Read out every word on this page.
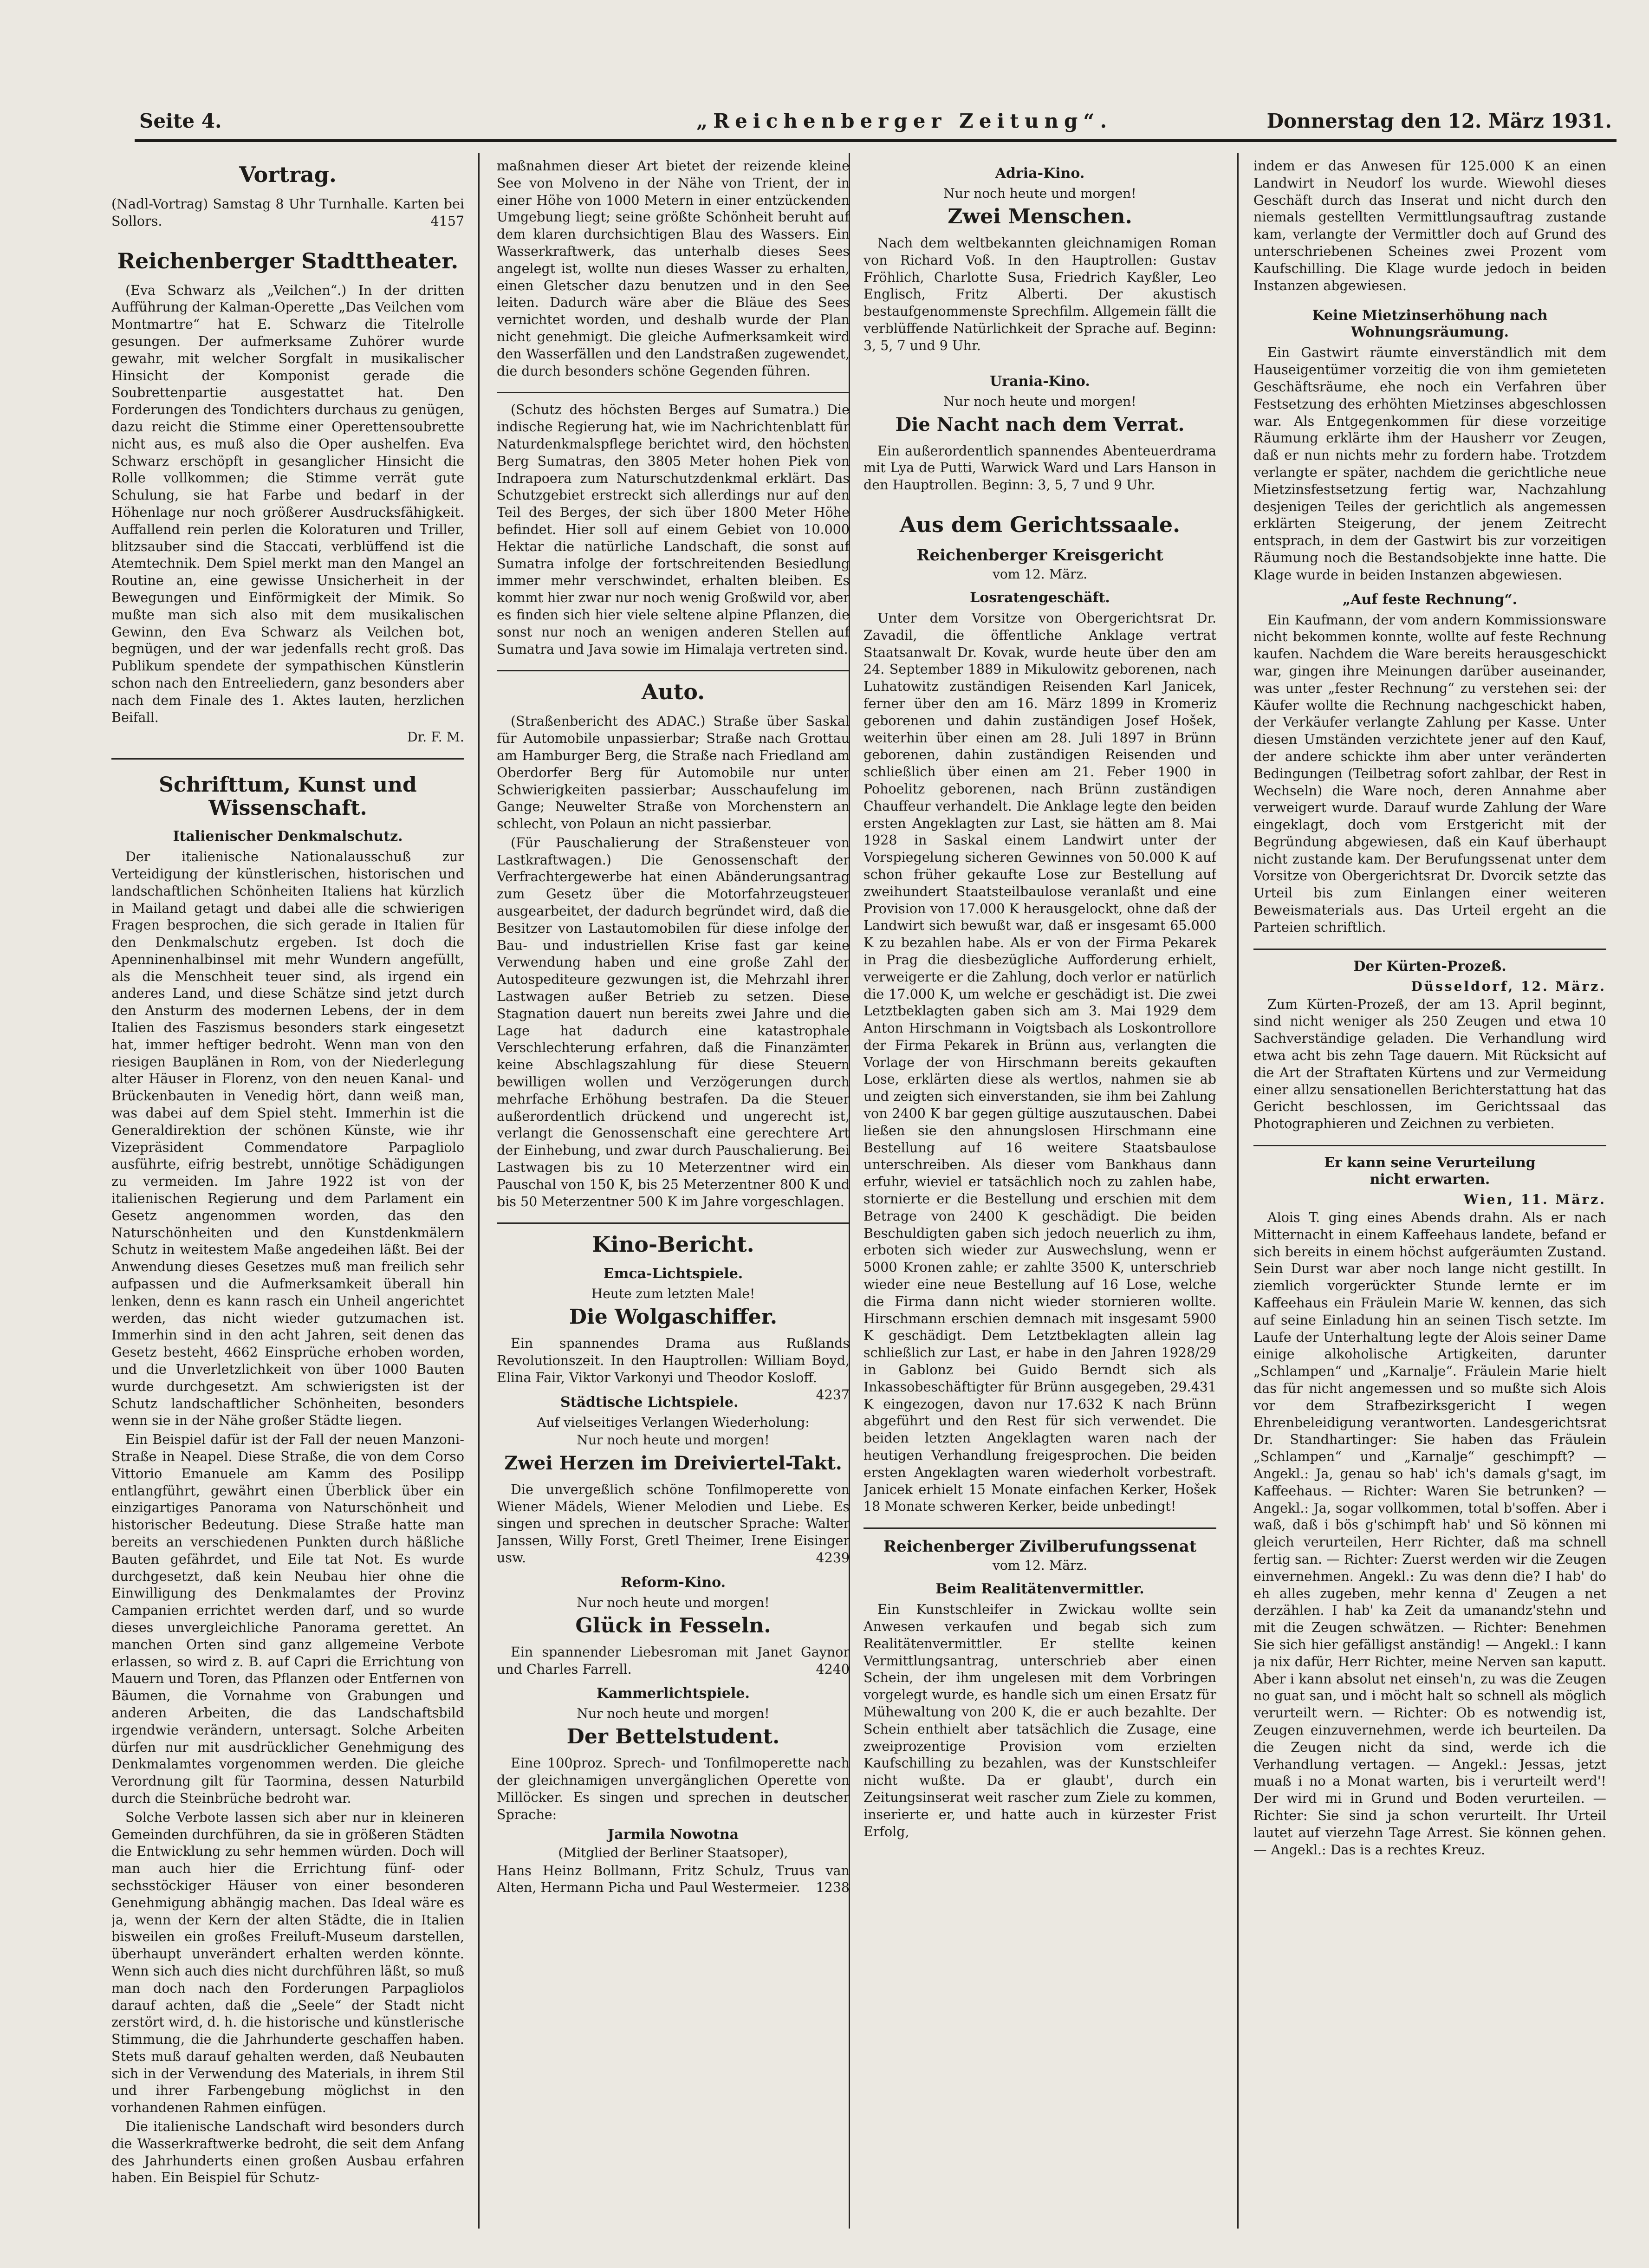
Seite 4.	„Reichenberger Zeitung“.	Donnerstag den 12. März 1931.
Vortrag.

(Nadl-Vortrag) Samstag 8 Uhr Turnhalle. Karten bei Sollors.	4157

Reichenberger Stadttheater.

(Eva Schwarz als „Veilchen“.) In der dritten Aufführung der Kalman-Operette „Das Veilchen vom Montmartre“ hat E. Schwarz die Titelrolle gesungen. Der aufmerksame Zuhörer wurde gewahr, mit welcher Sorgfalt in musikalischer Hinsicht der Komponist gerade die Soubrettenpartie ausgestattet hat. Den Forderungen des Tondichters durchaus zu genügen, dazu reicht die Stimme einer Operettensoubrette nicht aus, es muß also die Oper aushelfen. Eva Schwarz erschöpft in gesanglicher Hinsicht die Rolle vollkommen; die Stimme verrät gute Schulung, sie hat Farbe und bedarf in der Höhenlage nur noch größerer Ausdrucksfähigkeit. Auffallend rein perlen die Koloraturen und Triller, blitzsauber sind die Staccati, verblüffend ist die Atemtechnik. Dem Spiel merkt man den Mangel an Routine an, eine gewisse Unsicherheit in der Bewegungen und Einförmigkeit der Mimik. So mußte man sich also mit dem musikalischen Gewinn, den Eva Schwarz als Veilchen bot, begnügen, und der war jedenfalls recht groß. Das Publikum spendete der sympathischen Künstlerin schon nach den Entreeliedern, ganz besonders aber nach dem Finale des 1. Aktes lauten, herzlichen Beifall.

Dr. F. M.
Schrifttum, Kunst und Wissenschaft.
Italienischer Denkmalschutz.

Der italienische Nationalausschuß zur Verteidigung der künstlerischen, historischen und landschaftlichen Schönheiten Italiens hat kürzlich in Mailand getagt und dabei alle die schwierigen Fragen besprochen, die sich gerade in Italien für den Denkmalschutz ergeben. Ist doch die Apenninenhalbinsel mit mehr Wundern angefüllt, als die Menschheit teuer sind, als irgend ein anderes Land, und diese Schätze sind jetzt durch den Ansturm des modernen Lebens, der in dem Italien des Faszismus besonders stark eingesetzt hat, immer heftiger bedroht. Wenn man von den riesigen Bauplänen in Rom, von der Niederlegung alter Häuser in Florenz, von den neuen Kanal- und Brückenbauten in Venedig hört, dann weiß man, was dabei auf dem Spiel steht. Immerhin ist die Generaldirektion der schönen Künste, wie ihr Vizepräsident Commendatore Parpagliolo ausführte, eifrig bestrebt, unnötige Schädigungen zu vermeiden. Im Jahre 1922 ist von der italienischen Regierung und dem Parlament ein Gesetz angenommen worden, das den Naturschönheiten und den Kunstdenkmälern Schutz in weitestem Maße angedeihen läßt. Bei der Anwendung dieses Gesetzes muß man freilich sehr aufpassen und die Aufmerksamkeit überall hin lenken, denn es kann rasch ein Unheil angerichtet werden, das nicht wieder gutzumachen ist. Immerhin sind in den acht Jahren, seit denen das Gesetz besteht, 4662 Einsprüche erhoben worden, und die Unverletzlichkeit von über 1000 Bauten wurde durchgesetzt. Am schwierigsten ist der Schutz landschaftlicher Schönheiten, besonders wenn sie in der Nähe großer Städte liegen.

Ein Beispiel dafür ist der Fall der neuen Manzoni-Straße in Neapel. Diese Straße, die von dem Corso Vittorio Emanuele am Kamm des Posilipp entlangführt, gewährt einen Überblick über ein einzigartiges Panorama von Naturschönheit und historischer Bedeutung. Diese Straße hatte man bereits an verschiedenen Punkten durch häßliche Bauten gefährdet, und Eile tat Not. Es wurde durchgesetzt, daß kein Neubau hier ohne die Einwilligung des Denkmalamtes der Provinz Campanien errichtet werden darf, und so wurde dieses unvergleichliche Panorama gerettet. An manchen Orten sind ganz allgemeine Verbote erlassen, so wird z. B. auf Capri die Errichtung von Mauern und Toren, das Pflanzen oder Entfernen von Bäumen, die Vornahme von Grabungen und anderen Arbeiten, die das Landschaftsbild irgendwie verändern, untersagt. Solche Arbeiten dürfen nur mit ausdrücklicher Genehmigung des Denkmalamtes vorgenommen werden. Die gleiche Verordnung gilt für Taormina, dessen Naturbild durch die Steinbrüche bedroht war.

Solche Verbote lassen sich aber nur in kleineren Gemeinden durchführen, da sie in größeren Städten die Entwicklung zu sehr hemmen würden. Doch will man auch hier die Errichtung fünf- oder sechsstöckiger Häuser von einer besonderen Genehmigung abhängig machen. Das Ideal wäre es ja, wenn der Kern der alten Städte, die in Italien bisweilen ein großes Freiluft-Museum darstellen, überhaupt unverändert erhalten werden könnte. Wenn sich auch dies nicht durchführen läßt, so muß man doch nach den Forderungen Parpagliolos darauf achten, daß die „Seele“ der Stadt nicht zerstört wird, d. h. die historische und künstlerische Stimmung, die die Jahrhunderte geschaffen haben. Stets muß darauf gehalten werden, daß Neubauten sich in der Verwendung des Materials, in ihrem Stil und ihrer Farbengebung möglichst in den vorhandenen Rahmen einfügen.

Die italienische Landschaft wird besonders durch die Wasserkraftwerke bedroht, die seit dem Anfang des Jahrhunderts einen großen Ausbau erfahren haben. Ein Beispiel für Schutz-

maßnahmen dieser Art bietet der reizende kleine See von Molveno in der Nähe von Trient, der in einer Höhe von 1000 Metern in einer entzückenden Umgebung liegt; seine größte Schönheit beruht auf dem klaren durchsichtigen Blau des Wassers. Ein Wasserkraftwerk, das unterhalb dieses Sees angelegt ist, wollte nun dieses Wasser zu erhalten, einen Gletscher dazu benutzen und in den See leiten. Dadurch wäre aber die Bläue des Sees vernichtet worden, und deshalb wurde der Plan nicht genehmigt. Die gleiche Aufmerksamkeit wird den Wasserfällen und den Landstraßen zugewendet, die durch besonders schöne Gegenden führen.

(Schutz des höchsten Berges auf Sumatra.) Die indische Regierung hat, wie im Nachrichtenblatt für Naturdenkmalspflege berichtet wird, den höchsten Berg Sumatras, den 3805 Meter hohen Piek von Indrapoera zum Naturschutzdenkmal erklärt. Das Schutzgebiet erstreckt sich allerdings nur auf den Teil des Berges, der sich über 1800 Meter Höhe befindet. Hier soll auf einem Gebiet von 10.000 Hektar die natürliche Landschaft, die sonst auf Sumatra infolge der fortschreitenden Besiedlung immer mehr verschwindet, erhalten bleiben. Es kommt hier zwar nur noch wenig Großwild vor, aber es finden sich hier viele seltene alpine Pflanzen, die sonst nur noch an wenigen anderen Stellen auf Sumatra und Java sowie im Himalaja vertreten sind.

Auto.

(Straßenbericht des ADAC.) Straße über Saskal für Automobile unpassierbar; Straße nach Grottau am Hamburger Berg, die Straße nach Friedland am Oberdorfer Berg für Automobile nur unter Schwierigkeiten passierbar; Ausschaufelung im Gange; Neuwelter Straße von Morchenstern an schlecht, von Polaun an nicht passierbar.

(Für Pauschalierung der Straßensteuer von Lastkraftwagen.) Die Genossenschaft der Verfrachtergewerbe hat einen Abänderungsantrag zum Gesetz über die Motorfahrzeugsteuer ausgearbeitet, der dadurch begründet wird, daß die Besitzer von Lastautomobilen für diese infolge der Bau- und industriellen Krise fast gar keine Verwendung haben und eine große Zahl der Autospediteure gezwungen ist, die Mehrzahl ihrer Lastwagen außer Betrieb zu setzen. Diese Stagnation dauert nun bereits zwei Jahre und die Lage hat dadurch eine katastrophale Verschlechterung erfahren, daß die Finanzämter keine Abschlagszahlung für diese Steuern bewilligen wollen und Verzögerungen durch mehrfache Erhöhung bestrafen. Da die Steuer außerordentlich drückend und ungerecht ist, verlangt die Genossenschaft eine gerechtere Art der Einhebung, und zwar durch Pauschalierung. Bei Lastwagen bis zu 10 Meterzentner wird ein Pauschal von 150 K, bis 25 Meterzentner 800 K und bis 50 Meterzentner 500 K im Jahre vorgeschlagen.

Kino-Bericht.
Emca-Lichtspiele.
Heute zum letzten Male!
Die Wolgaschiffer.

Ein spannendes Drama aus Rußlands Revolutionszeit. In den Hauptrollen: William Boyd, Elina Fair, Viktor Varkonyi und Theodor Kosloff.
4237

Städtische Lichtspiele.
Auf vielseitiges Verlangen Wiederholung:
Nur noch heute und morgen!
Zwei Herzen im Dreiviertel-Takt.

Die unvergeßlich schöne Tonfilmoperette von Wiener Mädels, Wiener Melodien und Liebe. Es singen und sprechen in deutscher Sprache: Walter Janssen, Willy Forst, Gretl Theimer, Irene Eisinger usw.	4239

Reform-Kino.
Nur noch heute und morgen!
Glück in Fesseln.

Ein spannender Liebesroman mit Janet Gaynor und Charles Farrell.	4240

Kammerlichtspiele.
Nur noch heute und morgen!
Der Bettelstudent.

Eine 100proz. Sprech- und Tonfilmoperette nach der gleichnamigen unvergänglichen Operette von Millöcker. Es singen und sprechen in deutscher Sprache:

Jarmila Nowotna
(Mitglied der Berliner Staatsoper),

Hans Heinz Bollmann, Fritz Schulz, Truus van Alten, Hermann Picha und Paul Westermeier. 1238

Adria-Kino.
Nur noch heute und morgen!
Zwei Menschen.

Nach dem weltbekannten gleichnamigen Roman von Richard Voß. In den Hauptrollen: Gustav Fröhlich, Charlotte Susa, Friedrich Kayßler, Leo Englisch, Fritz Alberti. Der akustisch bestaufgenommenste Sprechfilm. Allgemein fällt die verblüffende Natürlichkeit der Sprache auf. Beginn: 3, 5, 7 und 9 Uhr.

Urania-Kino.
Nur noch heute und morgen!
Die Nacht nach dem Verrat.

Ein außerordentlich spannendes Abenteuerdrama mit Lya de Putti, Warwick Ward und Lars Hanson in den Hauptrollen. Beginn: 3, 5, 7 und 9 Uhr.

Aus dem Gerichtssaale.
Reichenberger Kreisgericht
vom 12. März.
Losratengeschäft.

Unter dem Vorsitze von Obergerichtsrat Dr. Zavadil, die öffentliche Anklage vertrat Staatsanwalt Dr. Kovak, wurde heute über den am 24. September 1889 in Mikulowitz geborenen, nach Luhatowitz zuständigen Reisenden Karl Janicek, ferner über den am 16. März 1899 in Kromeriz geborenen und dahin zuständigen Josef Hošek, weiterhin über einen am 28. Juli 1897 in Brünn geborenen, dahin zuständigen Reisenden und schließlich über einen am 21. Feber 1900 in Pohoelitz geborenen, nach Brünn zuständigen Chauffeur verhandelt. Die Anklage legte den beiden ersten Angeklagten zur Last, sie hätten am 8. Mai 1928 in Saskal einem Landwirt unter der Vorspiegelung sicheren Gewinnes von 50.000 K auf schon früher gekaufte Lose zur Bestellung auf zweihundert Staatsteilbaulose veranlaßt und eine Provision von 17.000 K herausgelockt, ohne daß der Landwirt sich bewußt war, daß er insgesamt 65.000 K zu bezahlen habe. Als er von der Firma Pekarek in Prag die diesbezügliche Aufforderung erhielt, verweigerte er die Zahlung, doch verlor er natürlich die 17.000 K, um welche er geschädigt ist. Die zwei Letztbeklagten gaben sich am 3. Mai 1929 dem Anton Hirschmann in Voigtsbach als Loskontrollore der Firma Pekarek in Brünn aus, verlangten die Vorlage der von Hirschmann bereits gekauften Lose, erklärten diese als wertlos, nahmen sie ab und zeigten sich einverstanden, sie ihm bei Zahlung von 2400 K bar gegen gültige auszutauschen. Dabei ließen sie den ahnungslosen Hirschmann eine Bestellung auf 16 weitere Staatsbaulose unterschreiben. Als dieser vom Bankhaus dann erfuhr, wieviel er tatsächlich noch zu zahlen habe, stornierte er die Bestellung und erschien mit dem Betrage von 2400 K geschädigt. Die beiden Beschuldigten gaben sich jedoch neuerlich zu ihm, erboten sich wieder zur Auswechslung, wenn er 5000 Kronen zahle; er zahlte 3500 K, unterschrieb wieder eine neue Bestellung auf 16 Lose, welche die Firma dann nicht wieder stornieren wollte. Hirschmann erschien demnach mit insgesamt 5900 K geschädigt. Dem Letztbeklagten allein lag schließlich zur Last, er habe in den Jahren 1928/29 in Gablonz bei Guido Berndt sich als Inkassobeschäftigter für Brünn ausgegeben, 29.431 K eingezogen, davon nur 17.632 K nach Brünn abgeführt und den Rest für sich verwendet. Die beiden letzten Angeklagten waren nach der heutigen Verhandlung freigesprochen. Die beiden ersten Angeklagten waren wiederholt vorbestraft. Janicek erhielt 15 Monate einfachen Kerker, Hošek 18 Monate schweren Kerker, beide unbedingt!

Reichenberger Zivilberufungssenat
vom 12. März.
Beim Realitätenvermittler.

Ein Kunstschleifer in Zwickau wollte sein Anwesen verkaufen und begab sich zum Realitätenvermittler. Er stellte keinen Vermittlungsantrag, unterschrieb aber einen Schein, der ihm ungelesen mit dem Vorbringen vorgelegt wurde, es handle sich um einen Ersatz für Mühewaltung von 200 K, die er auch bezahlte. Der Schein enthielt aber tatsächlich die Zusage, eine zweiprozentige Provision vom erzielten Kaufschilling zu bezahlen, was der Kunstschleifer nicht wußte. Da er glaubt', durch ein Zeitungsinserat weit rascher zum Ziele zu kommen, inserierte er, und hatte auch in kürzester Frist Erfolg,

indem er das Anwesen für 125.000 K an einen Landwirt in Neudorf los wurde. Wiewohl dieses Geschäft durch das Inserat und nicht durch den niemals gestellten Vermittlungsauftrag zustande kam, verlangte der Vermittler doch auf Grund des unterschriebenen Scheines zwei Prozent vom Kaufschilling. Die Klage wurde jedoch in beiden Instanzen abgewiesen.

Keine Mietzinserhöhung nach Wohnungsräumung.

Ein Gastwirt räumte einverständlich mit dem Hauseigentümer vorzeitig die von ihm gemieteten Geschäftsräume, ehe noch ein Verfahren über Festsetzung des erhöhten Mietzinses abgeschlossen war. Als Entgegenkommen für diese vorzeitige Räumung erklärte ihm der Hausherr vor Zeugen, daß er nun nichts mehr zu fordern habe. Trotzdem verlangte er später, nachdem die gerichtliche neue Mietzinsfestsetzung fertig war, Nachzahlung desjenigen Teiles der gerichtlich als angemessen erklärten Steigerung, der jenem Zeitrecht entsprach, in dem der Gastwirt bis zur vorzeitigen Räumung noch die Bestandsobjekte inne hatte. Die Klage wurde in beiden Instanzen abgewiesen.

„Auf feste Rechnung“.

Ein Kaufmann, der vom andern Kommissionsware nicht bekommen konnte, wollte auf feste Rechnung kaufen. Nachdem die Ware bereits herausgeschickt war, gingen ihre Meinungen darüber auseinander, was unter „fester Rechnung“ zu verstehen sei: der Käufer wollte die Rechnung nachgeschickt haben, der Verkäufer verlangte Zahlung per Kasse. Unter diesen Umständen verzichtete jener auf den Kauf, der andere schickte ihm aber unter veränderten Bedingungen (Teilbetrag sofort zahlbar, der Rest in Wechseln) die Ware noch, deren Annahme aber verweigert wurde. Darauf wurde Zahlung der Ware eingeklagt, doch vom Erstgericht mit der Begründung abgewiesen, daß ein Kauf überhaupt nicht zustande kam. Der Berufungssenat unter dem Vorsitze von Obergerichtsrat Dr. Dvorcik setzte das Urteil bis zum Einlangen einer weiteren Beweismaterials aus. Das Urteil ergeht an die Parteien schriftlich.

Der Kürten-Prozeß.
Düsseldorf, 12. März.

Zum Kürten-Prozeß, der am 13. April beginnt, sind nicht weniger als 250 Zeugen und etwa 10 Sachverständige geladen. Die Verhandlung wird etwa acht bis zehn Tage dauern. Mit Rücksicht auf die Art der Straftaten Kürtens und zur Vermeidung einer allzu sensationellen Berichterstattung hat das Gericht beschlossen, im Gerichtssaal das Photographieren und Zeichnen zu verbieten.

Er kann seine Verurteilung
nicht erwarten.
Wien, 11. März.

Alois T. ging eines Abends drahn. Als er nach Mitternacht in einem Kaffeehaus landete, befand er sich bereits in einem höchst aufgeräumten Zustand. Sein Durst war aber noch lange nicht gestillt. In ziemlich vorgerückter Stunde lernte er im Kaffeehaus ein Fräulein Marie W. kennen, das sich auf seine Einladung hin an seinen Tisch setzte. Im Laufe der Unterhaltung legte der Alois seiner Dame einige alkoholische Artigkeiten, darunter „Schlampen“ und „Karnalje“. Fräulein Marie hielt das für nicht angemessen und so mußte sich Alois vor dem Strafbezirksgericht I wegen Ehrenbeleidigung verantworten. Landesgerichtsrat Dr. Standhartinger: Sie haben das Fräulein „Schlampen“ und „Karnalje“ geschimpft? — Angekl.: Ja, genau so hab' ich's damals g'sagt, im Kaffeehaus. — Richter: Waren Sie betrunken? — Angekl.: Ja, sogar vollkommen, total b'soffen. Aber i waß, daß i bös g'schimpft hab' und Sö können mi gleich verurteilen, Herr Richter, daß ma schnell fertig san. — Richter: Zuerst werden wir die Zeugen einvernehmen. Angekl.: Zu was denn die? I hab' do eh alles zugeben, mehr kenna d' Zeugen a net derzählen. I hab' ka Zeit da umanandz'stehn und mit die Zeugen schwätzen. — Richter: Benehmen Sie sich hier gefälligst anständig! — Angekl.: I kann ja nix dafür, Herr Richter, meine Nerven san kaputt. Aber i kann absolut net einseh'n, zu was die Zeugen no guat san, und i möcht halt so schnell als möglich verurteilt wern. — Richter: Ob es notwendig ist, Zeugen einzuvernehmen, werde ich beurteilen. Da die Zeugen nicht da sind, werde ich die Verhandlung vertagen. — Angekl.: Jessas, jetzt muaß i no a Monat warten, bis i verurteilt werd'! Der wird mi in Grund und Boden verurteilen. — Richter: Sie sind ja schon verurteilt. Ihr Urteil lautet auf vierzehn Tage Arrest. Sie können gehen. — Angekl.: Das is a rechtes Kreuz.
